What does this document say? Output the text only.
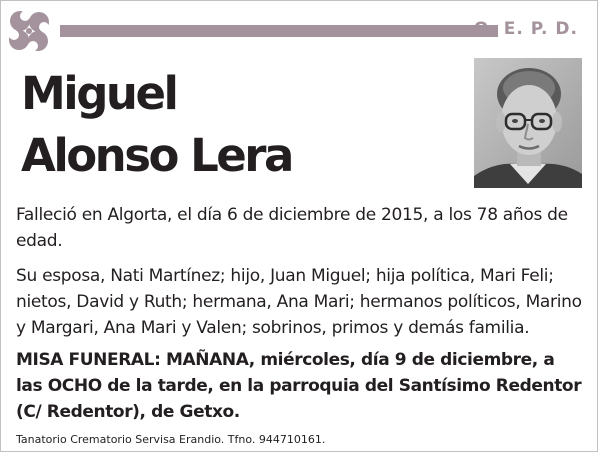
Q. E. P. D.
Miguel
Alonso Lera

Falleció en Algorta, el día 6 de diciembre de 2015, a los 78 años de edad.

Su esposa, Nati Martínez; hijo, Juan Miguel; hija política, Mari Feli; nietos, David y Ruth; hermana, Ana Mari; hermanos políticos, Marino y Margari, Ana Mari y Valen; sobrinos, primos y demás familia.

MISA FUNERAL: MAÑANA, miércoles, día 9 de diciembre, a las OCHO de la tarde, en la parroquia del Santísimo Redentor (C/ Redentor), de Getxo.

Tanatorio Crematorio Servisa Erandio. Tfno. 944710161.
